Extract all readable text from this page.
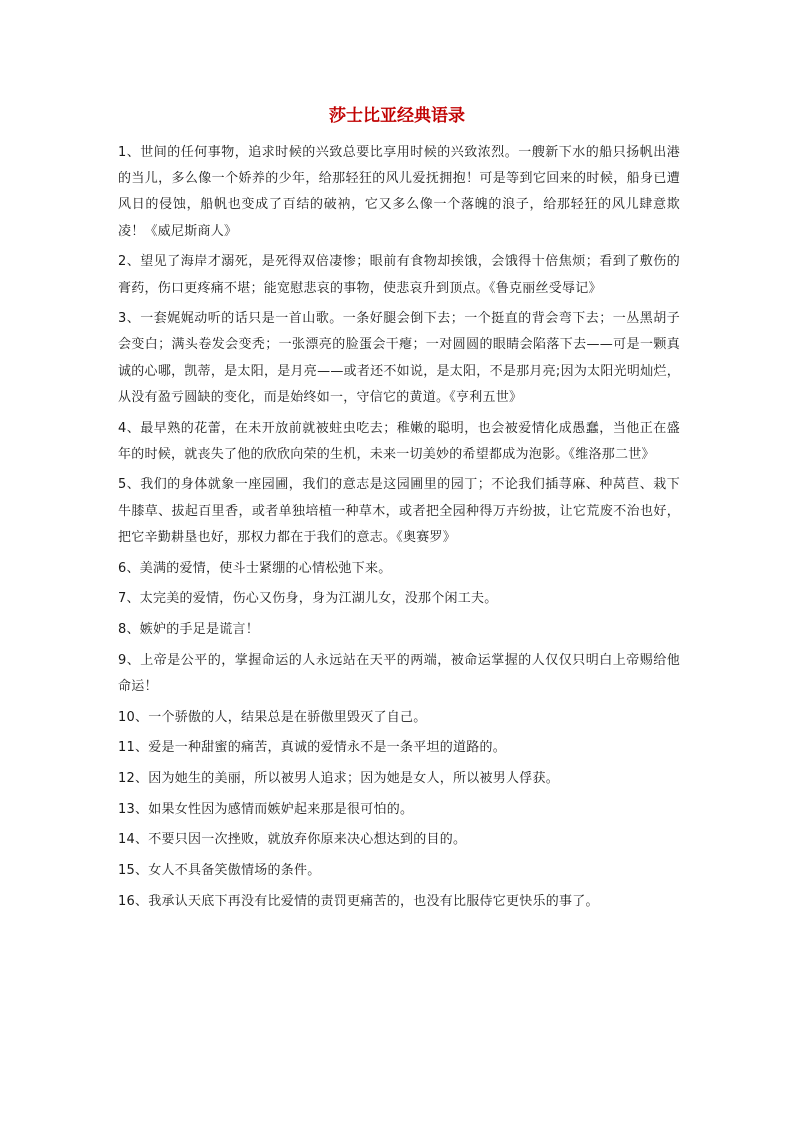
莎士比亚经典语录

1、世间的任何事物，追求时候的兴致总要比享用时候的兴致浓烈。一艘新下水的船只扬帆出港的当儿，多么像一个娇养的少年，给那轻狂的风儿爱抚拥抱！可是等到它回来的时候，船身已遭风日的侵蚀，船帆也变成了百结的破衲，它又多么像一个落魄的浪子，给那轻狂的风儿肆意欺凌！《威尼斯商人》

2、望见了海岸才溺死，是死得双倍凄惨；眼前有食物却挨饿，会饿得十倍焦烦；看到了敷伤的膏药，伤口更疼痛不堪；能宽慰悲哀的事物，使悲哀升到顶点。《鲁克丽丝受辱记》

3、一套娓娓动听的话只是一首山歌。一条好腿会倒下去；一个挺直的背会弯下去；一丛黑胡子会变白；满头卷发会变秃；一张漂亮的脸蛋会干瘪；一对圆圆的眼睛会陷落下去——可是一颗真诚的心哪，凯蒂，是太阳，是月亮——或者还不如说，是太阳，不是那月亮;因为太阳光明灿烂，从没有盈亏圆缺的变化，而是始终如一，守信它的黄道。《亨利五世》

4、最早熟的花蕾，在未开放前就被蛀虫吃去；稚嫩的聪明，也会被爱情化成愚蠢，当他正在盛年的时候，就丧失了他的欣欣向荣的生机，未来一切美妙的希望都成为泡影。《维洛那二世》

5、我们的身体就象一座园圃，我们的意志是这园圃里的园丁；不论我们插荨麻、种莴苣、栽下牛膝草、拔起百里香，或者单独培植一种草木，或者把全园种得万卉纷披，让它荒废不治也好，把它辛勤耕垦也好，那权力都在于我们的意志。《奥赛罗》

6、美满的爱情，使斗士紧绷的心情松弛下来。

7、太完美的爱情，伤心又伤身，身为江湖儿女，没那个闲工夫。

8、嫉妒的手足是谎言！

9、上帝是公平的，掌握命运的人永远站在天平的两端，被命运掌握的人仅仅只明白上帝赐给他命运！

10、一个骄傲的人，结果总是在骄傲里毁灭了自己。

11、爱是一种甜蜜的痛苦，真诚的爱情永不是一条平坦的道路的。

12、因为她生的美丽，所以被男人追求；因为她是女人，所以被男人俘获。

13、如果女性因为感情而嫉妒起来那是很可怕的。

14、不要只因一次挫败，就放弃你原来决心想达到的目的。

15、女人不具备笑傲情场的条件。

16、我承认天底下再没有比爱情的责罚更痛苦的，也没有比服侍它更快乐的事了。
